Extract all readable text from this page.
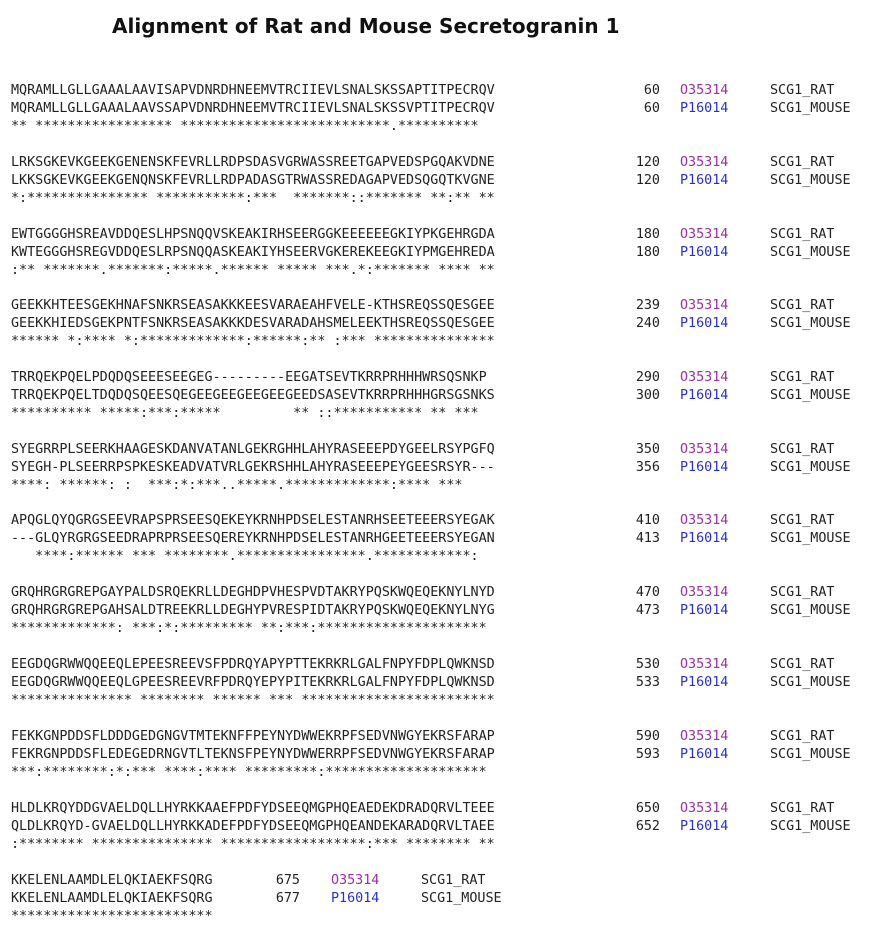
Alignment of Rat and Mouse Secretogranin 1
MQRAMLLGLLGAAALAAVISAPVDNRDHNEEMVTRCIIEVLSNALSKSSAPTITPECRQV	60 O35314	SCG1_RAT
MQRAMLLGLLGAAALAAVSSAPVDNRDHNEEMVTRCIIEVLSNALSKSSVPTITPECRQV	60 P16014	SCG1_MOUSE
** ***************** **************************.**********
LRKSGKEVKGEEKGENENSKFEVRLLRDPSDASVGRWASSREETGAPVEDSPGQAKVDNE	120 O35314	SCG1_RAT
LKKSGKEVKGEEKGENQNSKFEVRLLRDPADASGTRWASSREDAGAPVEDSQGQTKVGNE	120 P16014	SCG1_MOUSE
*:*************** ***********:***  *******::******* **:** **
EWTGGGGHSREAVDDQESLHPSNQQVSKEAKIRHSEERGGKEEEEEEGKIYPKGEHRGDA	180 O35314	SCG1_RAT
KWTEGGGHSREGVDDQESLRPSNQQASKEAKIYHSEERVGKEREKEEGKIYPMGEHREDA	180 P16014	SCG1_MOUSE
:** *******.*******:*****.****** ***** ***.*:******* **** **
GEEKKHTEESGEKHNAFSNKRSEASAKKKEESVARAEAHFVELE-KTHSREQSSQESGEE	239 O35314	SCG1_RAT
GEEKKHIEDSGEKPNTFSNKRSEASAKKKDESVARADAHSMELEEKTHSREQSSQESGEE	240 P16014	SCG1_MOUSE
****** *:**** *:*************:******:** :*** ***************
TRRQEKPQELPDQDQSEEESEEGEG---------EEGATSEVTKRRPRHHHWRSQSNKP	290 O35314	SCG1_RAT
TRRQEKPQELTDQDQSQEESQEGEEGEEGEEGEEGEEDSASEVTKRRPRHHHGRSGSNKS	300 P16014	SCG1_MOUSE
********** *****:***:*****         ** ::*********** ** ***
SYEGRRPLSEERKHAAGESKDANVATANLGEKRGHHLAHYRASEEEPDYGEELRSYPGFQ	350 O35314	SCG1_RAT
SYEGH-PLSEERRPSPKESKEADVATVRLGEKRSHHLAHYRASEEEPEYGEESRSYR---	356 P16014	SCG1_MOUSE
****: ******: :  ***:*:***..*****.*************:**** ***
APQGLQYQGRGSEEVRAPSPRSEESQEKEYKRNHPDSELESTANRHSEETEEERSYEGAK	410 O35314	SCG1_RAT
---GLQYRGRGSEEDRAPRPRSEESQEREYKRNHPDSELESTANRHGEETEEERSYEGAN	413 P16014	SCG1_MOUSE
****:****** *** ********.****************.************:
GRQHRGRGREPGAYPALDSRQEKRLLDEGHDPVHESPVDTAKRYPQSKWQEQEKNYLNYD	470 O35314	SCG1_RAT
GRQHRGRGREPGAHSALDTREEKRLLDEGHYPVRESPIDTAKRYPQSKWQEQEKNYLNYG	473 P16014	SCG1_MOUSE
*************: ***:*:********* **:***:*********************
EEGDQGRWWQQEEQLEPEESREEVSFPDRQYAPYPTTEKRKRLGALFNPYFDPLQWKNSD	530 O35314	SCG1_RAT
EEGDQGRWWQQEEQLGPEESREEVRFPDRQYEPYPITEKRKRLGALFNPYFDPLQWKNSD	533 P16014	SCG1_MOUSE
*************** ******** ****** *** ************************
FEKKGNPDDSFLDDDGEDGNGVTMTEKNFFPEYNYDWWEKRPFSEDVNWGYEKRSFARAP	590 O35314	SCG1_RAT
FEKRGNPDDSFLEDEGEDRNGVTLTEKNSFPEYNYDWWERRPFSEDVNWGYEKRSFARAP	593 P16014	SCG1_MOUSE
***:********:*:*** ****:**** *********:********************
HLDLKRQYDDGVAELDQLLHYRKKAAEFPDFYDSEEQMGPHQEAEDEKDRADQRVLTEEE	650 O35314	SCG1_RAT
QLDLKRQYD-GVAELDQLLHYRKKADEFPDFYDSEEQMGPHQEANDEKARADQRVLTAEE	652 P16014	SCG1_MOUSE
:******** *************** ******************:*** ******** **
KKELENLAAMDLELQKIAEKFSQRG	675 O35314	SCG1_RAT
KKELENLAAMDLELQKIAEKFSQRG	677 P16014	SCG1_MOUSE
*************************
